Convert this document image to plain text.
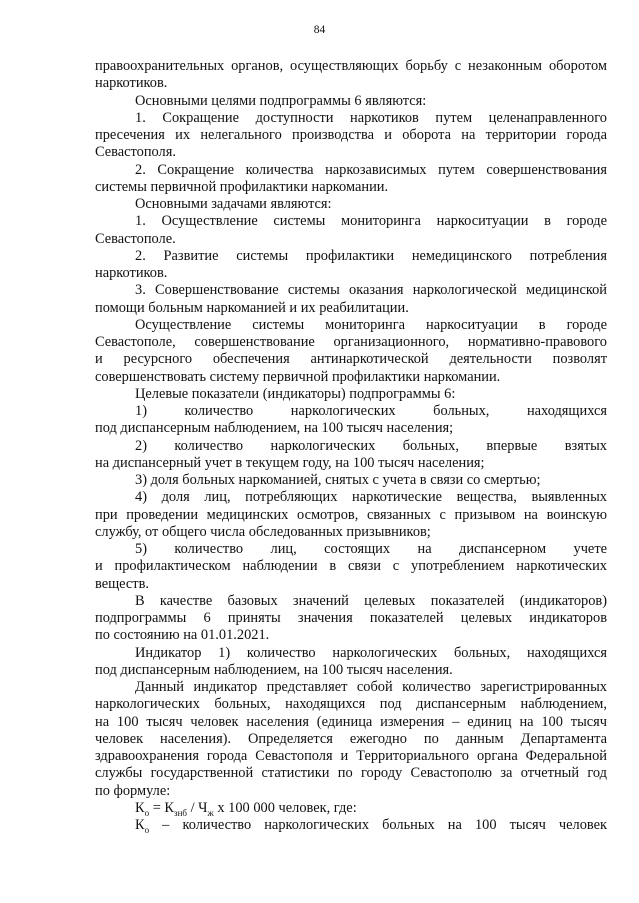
84
правоохранительных органов, осуществляющих борьбу с незаконным оборотом
наркотиков.
Основными целями подпрограммы 6 являются:
1. Сокращение доступности наркотиков путем целенаправленного
пресечения их нелегального производства и оборота на территории города
Севастополя.
2. Сокращение количества наркозависимых путем совершенствования
системы первичной профилактики наркомании.
Основными задачами являются:
1. Осуществление системы мониторинга наркоситуации в городе
Севастополе.
2. Развитие системы профилактики немедицинского потребления
наркотиков.
3. Совершенствование системы оказания наркологической медицинской
помощи больным наркоманией и их реабилитации.
Осуществление системы мониторинга наркоситуации в городе
Севастополе, совершенствование организационного, нормативно-правового
и ресурсного обеспечения антинаркотической деятельности позволят
совершенствовать систему первичной профилактики наркомании.
Целевые показатели (индикаторы) подпрограммы 6:
1) количество наркологических больных, находящихся
под диспансерным наблюдением, на 100 тысяч населения;
2) количество наркологических больных, впервые взятых
на диспансерный учет в текущем году, на 100 тысяч населения;
3) доля больных наркоманией, снятых с учета в связи со смертью;
4) доля лиц, потребляющих наркотические вещества, выявленных
при проведении медицинских осмотров, связанных с призывом на воинскую
службу, от общего числа обследованных призывников;
5) количество лиц, состоящих на диспансерном учете
и профилактическом наблюдении в связи с употреблением наркотических
веществ.
В качестве базовых значений целевых показателей (индикаторов)
подпрограммы 6 приняты значения показателей целевых индикаторов
по состоянию на 01.01.2021.
Индикатор 1) количество наркологических больных, находящихся
под диспансерным наблюдением, на 100 тысяч населения.
Данный индикатор представляет собой количество зарегистрированных
наркологических больных, находящихся под диспансерным наблюдением,
на 100 тысяч человек населения (единица измерения – единиц на 100 тысяч
человек населения). Определяется ежегодно по данным Департамента
здравоохранения города Севастополя и Территориального органа Федеральной
службы государственной статистики по городу Севастополю за отчетный год
по формуле:
$К_о = К_{знб} / Ч_ж$ х 100 000 человек, где:
$К_о$ – количество наркологических больных на 100 тысяч человек
